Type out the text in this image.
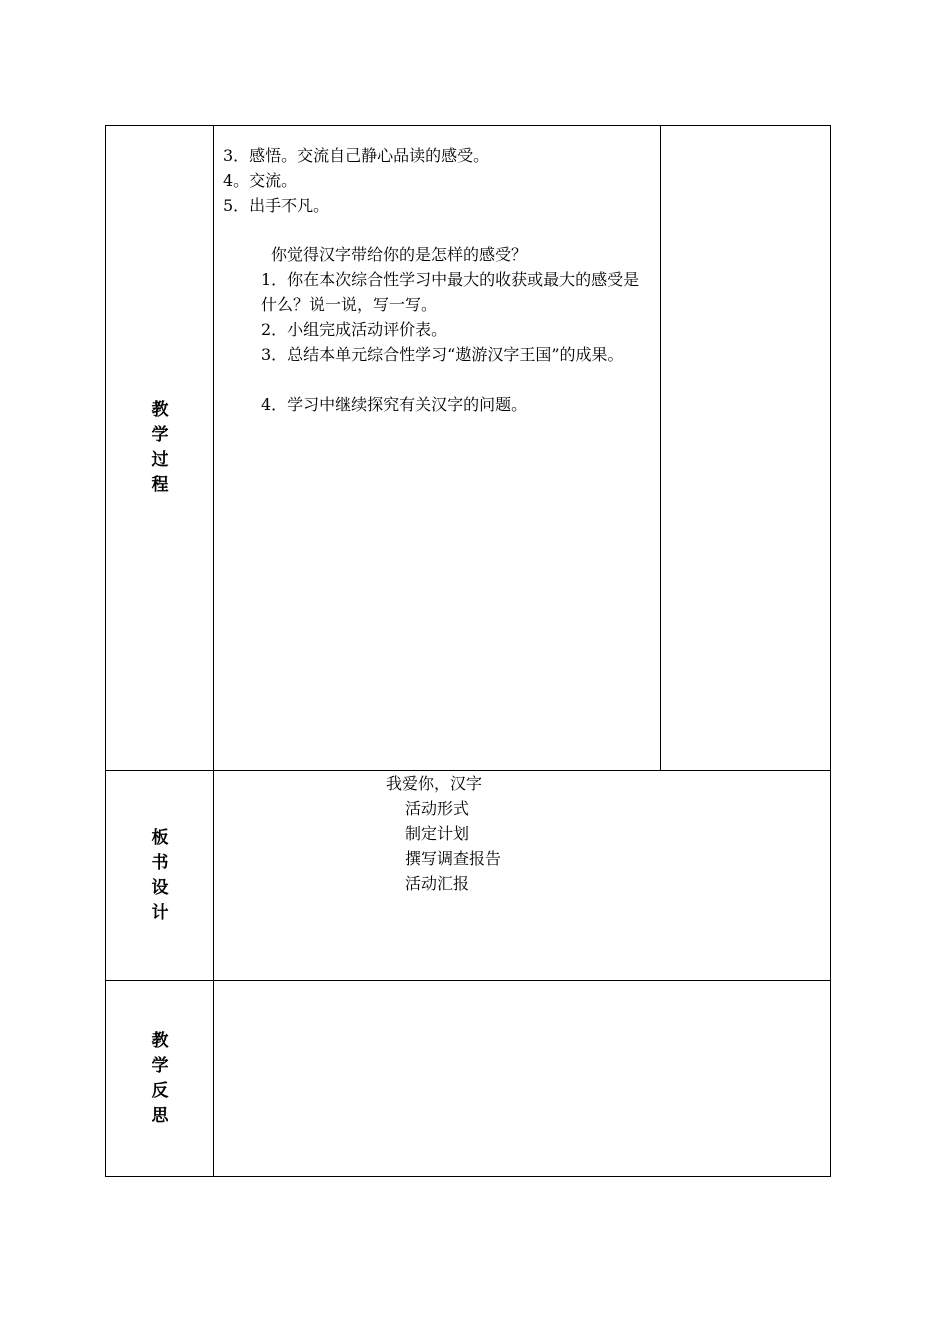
教
学
过
程
3．感悟。交流自己静心品读的感受。
4。交流。
5．出手不凡。
你觉得汉字带给你的是怎样的感受？
1．你在本次综合性学习中最大的收获或最大的感受是什么？说一说，写一写。
2．小组完成活动评价表。
3．总结本单元综合性学习“遨游汉字王国”的成果。
4．学习中继续探究有关汉字的问题。
板
书
设
计
我爱你，汉字
活动形式
制定计划
撰写调查报告
活动汇报
教
学
反
思
